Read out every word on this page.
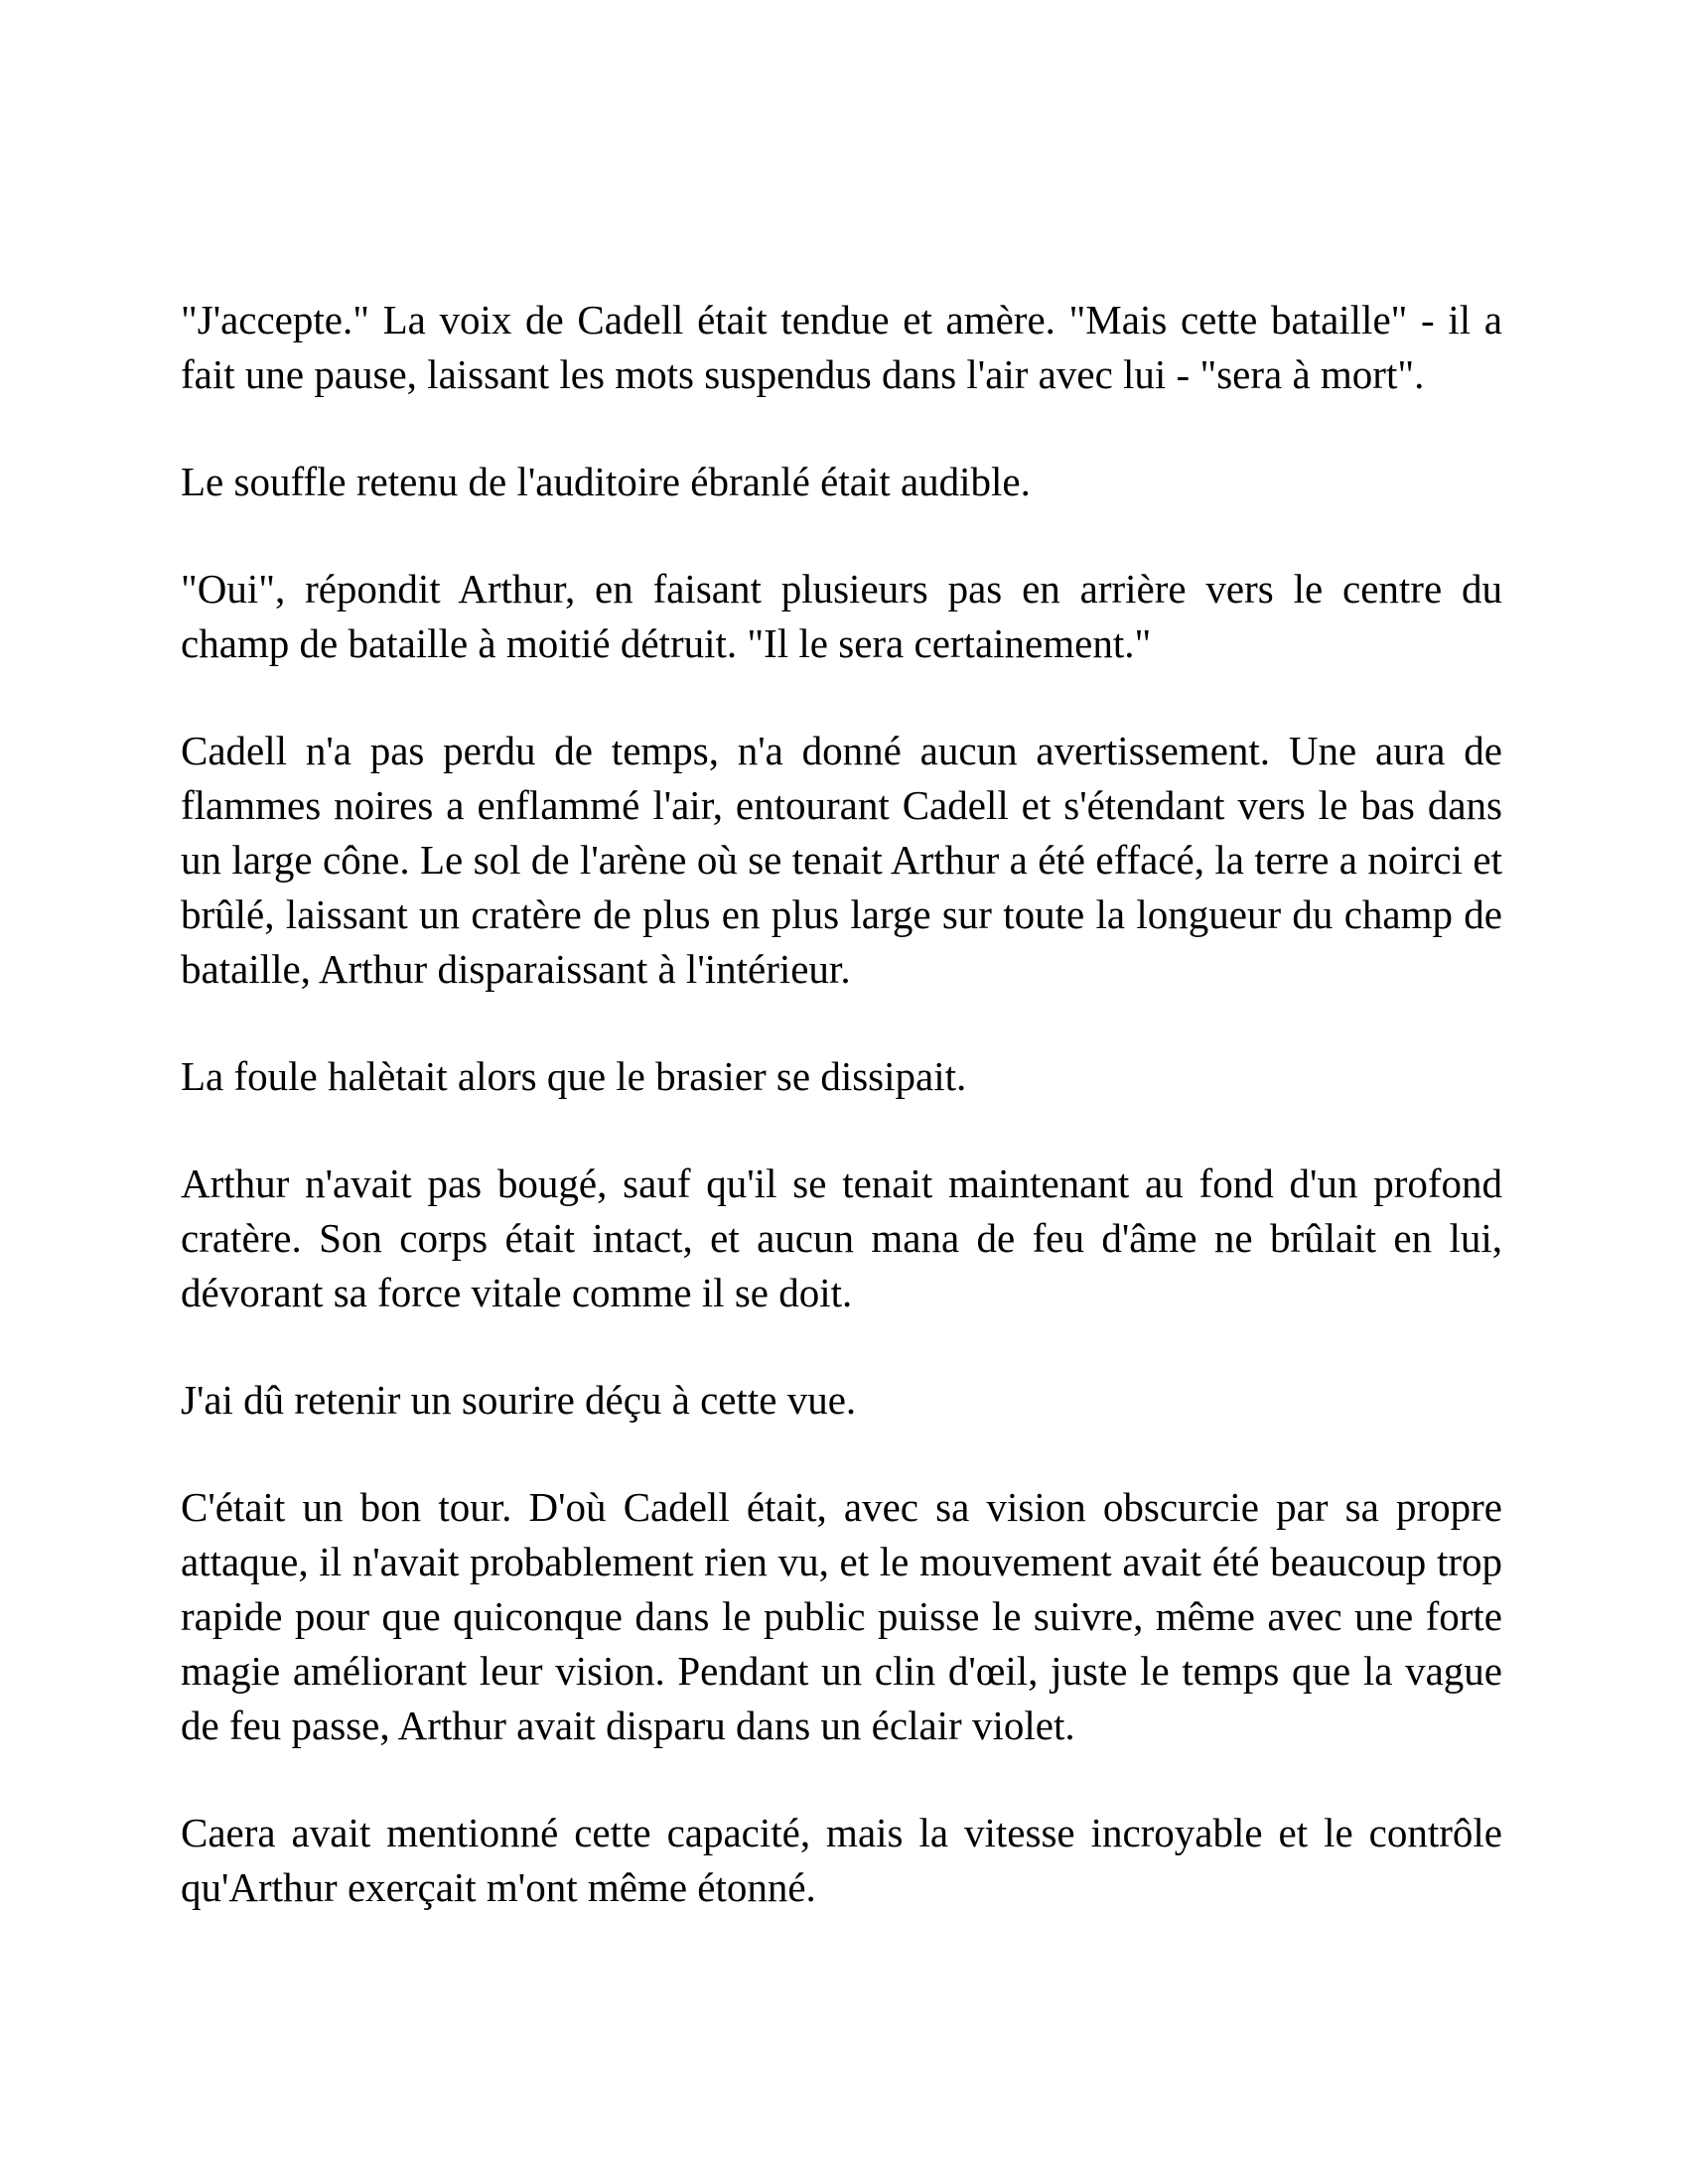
"J'accepte." La voix de Cadell était tendue et amère. "Mais cette bataille" - il a fait une pause, laissant les mots suspendus dans l'air avec lui - "sera à mort".

Le souffle retenu de l'auditoire ébranlé était audible.

"Oui", répondit Arthur, en faisant plusieurs pas en arrière vers le centre du champ de bataille à moitié détruit. "Il le sera certainement."

Cadell n'a pas perdu de temps, n'a donné aucun avertissement. Une aura de flammes noires a enflammé l'air, entourant Cadell et s'étendant vers le bas dans un large cône. Le sol de l'arène où se tenait Arthur a été effacé, la terre a noirci et brûlé, laissant un cratère de plus en plus large sur toute la longueur du champ de bataille, Arthur disparaissant à l'intérieur.

La foule halètait alors que le brasier se dissipait.

Arthur n'avait pas bougé, sauf qu'il se tenait maintenant au fond d'un profond cratère. Son corps était intact, et aucun mana de feu d'âme ne brûlait en lui, dévorant sa force vitale comme il se doit.

J'ai dû retenir un sourire déçu à cette vue.

C'était un bon tour. D'où Cadell était, avec sa vision obscurcie par sa propre attaque, il n'avait probablement rien vu, et le mouvement avait été beaucoup trop rapide pour que quiconque dans le public puisse le suivre, même avec une forte magie améliorant leur vision. Pendant un clin d'œil, juste le temps que la vague de feu passe, Arthur avait disparu dans un éclair violet.

Caera avait mentionné cette capacité, mais la vitesse incroyable et le contrôle qu'Arthur exerçait m'ont même étonné.
